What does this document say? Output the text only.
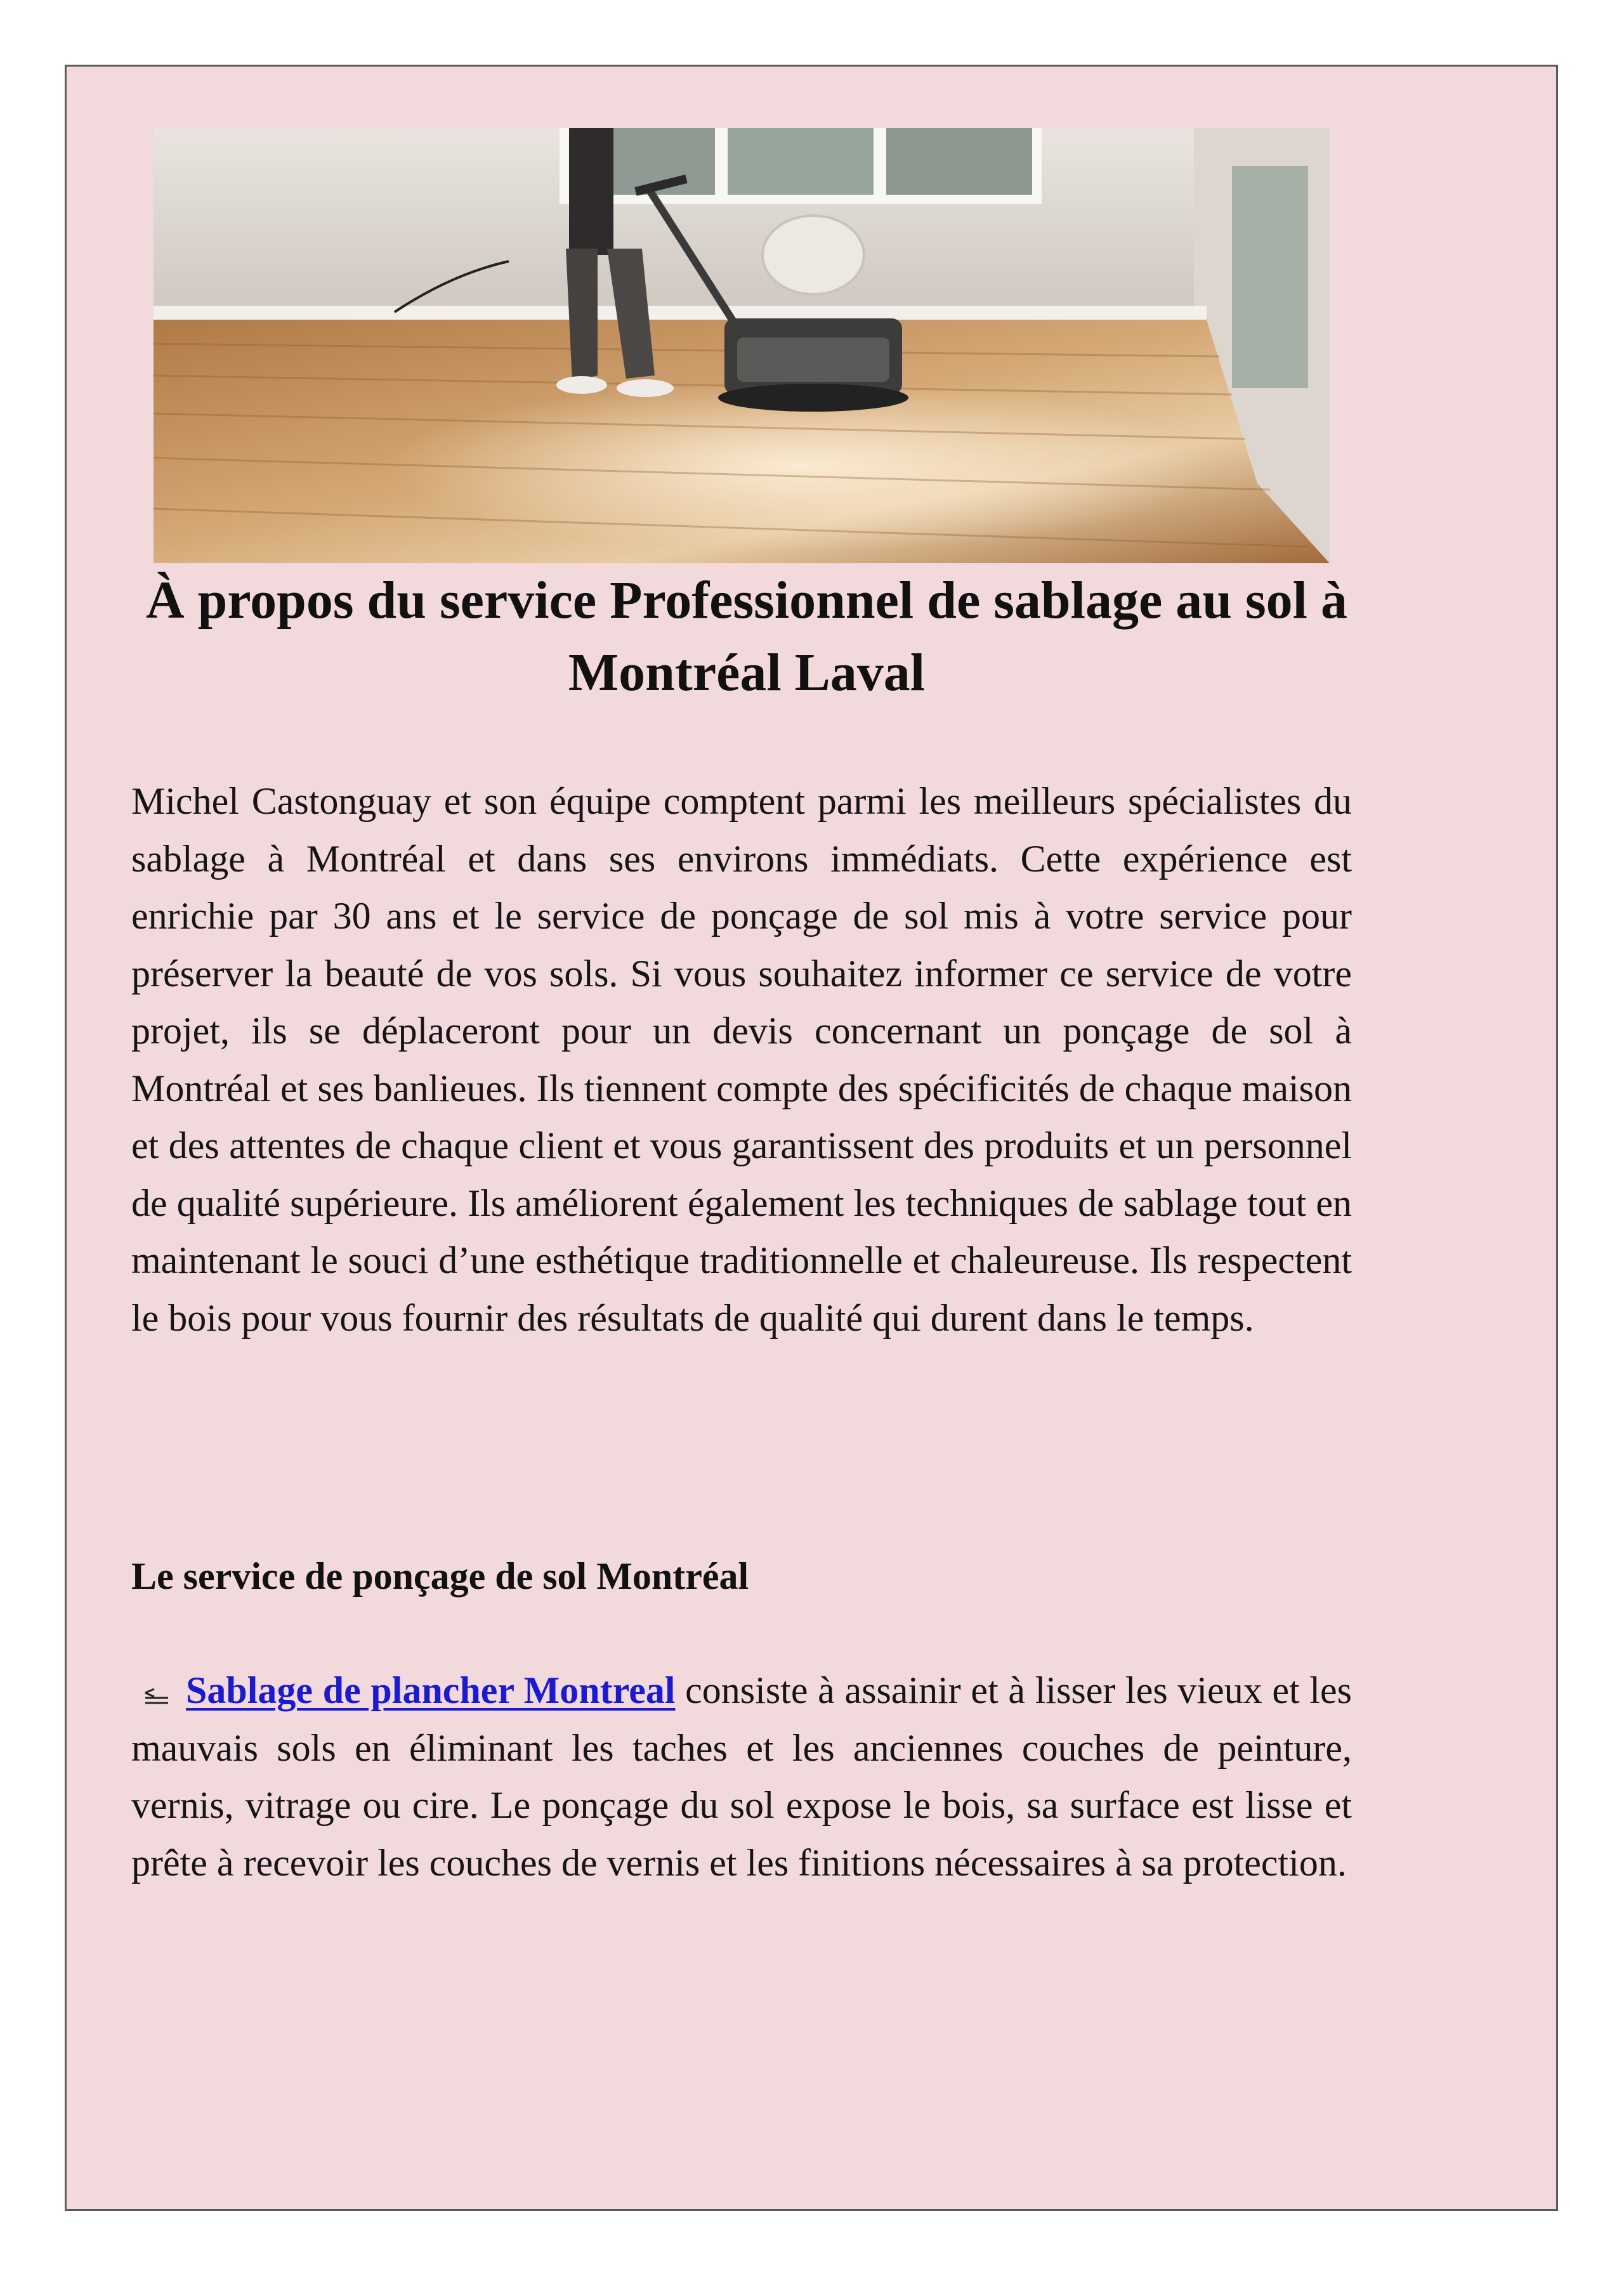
À propos du service Professionnel de sablage au sol à Montréal Laval

Michel Castonguay et son équipe comptent parmi les meilleurs spécialistes du sablage à Montréal et dans ses environs immédiats. Cette expérience est enrichie par 30 ans et le service de ponçage de sol mis à votre service pour préserver la beauté de vos sols. Si vous souhaitez informer ce service de votre projet, ils se déplaceront pour un devis concernant un ponçage de sol à Montréal et ses banlieues. Ils tiennent compte des spécificités de chaque maison et des attentes de chaque client et vous garantissent des produits et un personnel de qualité supérieure. Ils améliorent également les techniques de sablage tout en maintenant le souci d’une esthétique traditionnelle et chaleureuse. Ils respectent le bois pour vous fournir des résultats de qualité qui durent dans le temps.

Le service de ponçage de sol Montréal

Sablage de plancher Montreal consiste à assainir et à lisser les vieux et les mauvais sols en éliminant les taches et les anciennes couches de peinture, vernis, vitrage ou cire. Le ponçage du sol expose le bois, sa surface est lisse et prête à recevoir les couches de vernis et les finitions nécessaires à sa protection.
